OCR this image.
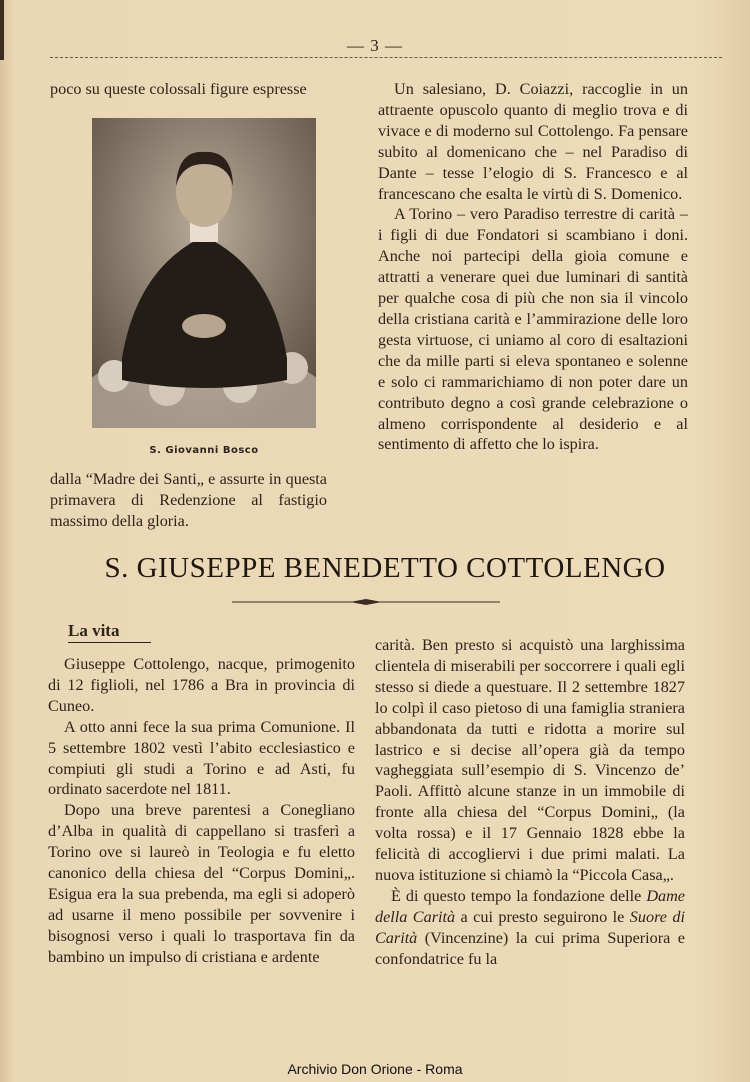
— 3 —

poco su queste colossali figure espresse

S. Giovanni Bosco

dalla “Madre dei Santi„ e assurte in questa primavera di Redenzione al fastigio massimo della gloria.

Un salesiano, D. Coiazzi, raccoglie in un attraente opuscolo quanto di meglio trova e di vivace e di moderno sul Cottolengo. Fa pensare subito al domenicano che – nel Paradiso di Dante – tesse l’elogio di S. Francesco e al francescano che esalta le virtù di S. Domenico.

A Torino – vero Paradiso terrestre di carità – i figli di due Fondatori si scambiano i doni. Anche noi partecipi della gioia comune e attratti a venerare quei due luminari di santità per qualche cosa di più che non sia il vincolo della cristiana carità e l’ammirazione delle loro gesta virtuose, ci uniamo al coro di esaltazioni che da mille parti si eleva spontaneo e solenne e solo ci rammarichiamo di non poter dare un contributo degno a così grande celebrazione o almeno corrispondente al desiderio e al sentimento di affetto che lo ispira.

S. GIUSEPPE BENEDETTO COTTOLENGO
La vita

Giuseppe Cottolengo, nacque, primogenito di 12 figlioli, nel 1786 a Bra in provincia di Cuneo.

A otto anni fece la sua prima Comunione. Il 5 settembre 1802 vestì l’abito ecclesiastico e compiuti gli studi a Torino e ad Asti, fu ordinato sacerdote nel 1811.

Dopo una breve parentesi a Conegliano d’Alba in qualità di cappellano si trasferì a Torino ove si laureò in Teologia e fu eletto canonico della chiesa del “Corpus Domini„. Esigua era la sua prebenda, ma egli si adoperò ad usarne il meno possibile per sovvenire i bisognosi verso i quali lo trasportava fin da bambino un impulso di cristiana e ardente

carità. Ben presto si acquistò una larghissima clientela di miserabili per soccorrere i quali egli stesso si diede a questuare. Il 2 settembre 1827 lo colpì il caso pietoso di una famiglia straniera abbandonata da tutti e ridotta a morire sul lastrico e si decise all’opera già da tempo vagheggiata sull’esempio di S. Vincenzo de’ Paoli. Affittò alcune stanze in un immobile di fronte alla chiesa del “Corpus Domini„ (la volta rossa) e il 17 Gennaio 1828 ebbe la felicità di accogliervi i due primi malati. La nuova istituzione si chiamò la “Piccola Casa„.

È di questo tempo la fondazione delle Dame della Carità a cui presto seguirono le Suore di Carità (Vincenzine) la cui prima Superiora e confondatrice fu la

Archivio Don Orione - Roma
